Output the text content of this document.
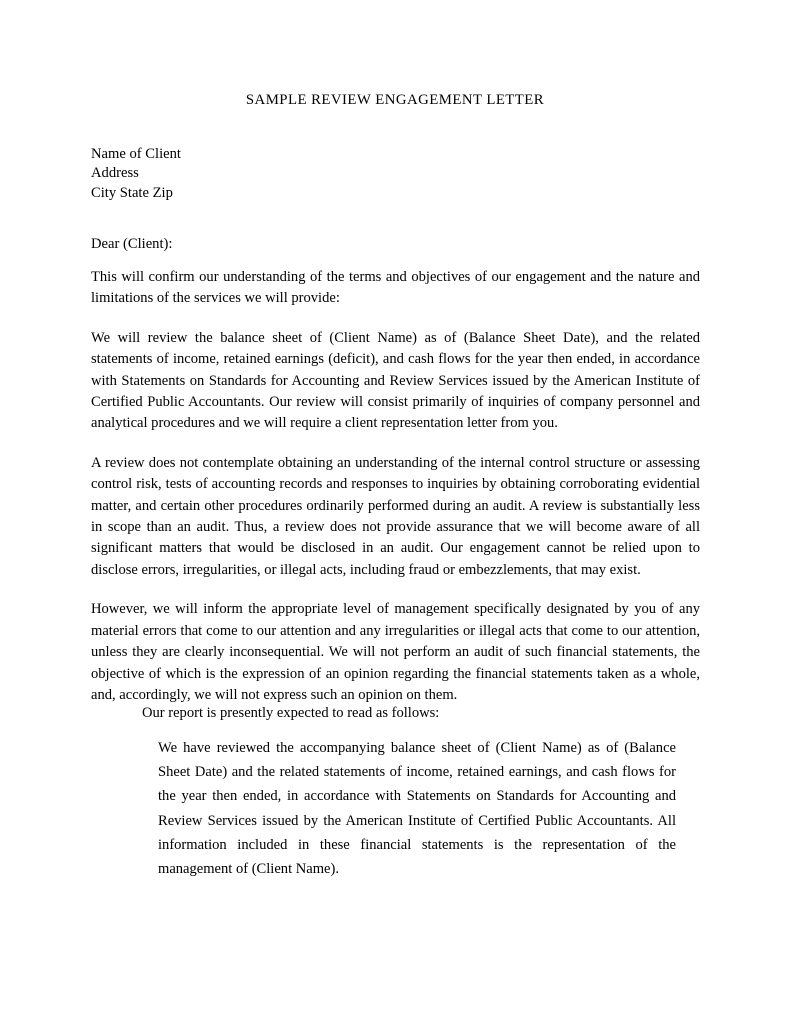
SAMPLE REVIEW ENGAGEMENT LETTER
Name of Client
Address
City State Zip
Dear (Client):

This will confirm our understanding of the terms and objectives of our engagement and the nature and limitations of the services we will provide:

We will review the balance sheet of (Client Name) as of (Balance Sheet Date), and the related statements of income, retained earnings (deficit), and cash flows for the year then ended, in accordance with Statements on Standards for Accounting and Review Services issued by the American Institute of Certified Public Accountants. Our review will consist primarily of inquiries of company personnel and analytical procedures and we will require a client representation letter from you.

A review does not contemplate obtaining an understanding of the internal control structure or assessing control risk, tests of accounting records and responses to inquiries by obtaining corroborating evidential matter, and certain other procedures ordinarily performed during an audit. A review is substantially less in scope than an audit. Thus, a review does not provide assurance that we will become aware of all significant matters that would be disclosed in an audit. Our engagement cannot be relied upon to disclose errors, irregularities, or illegal acts, including fraud or embezzlements, that may exist.

However, we will inform the appropriate level of management specifically designated by you of any material errors that come to our attention and any irregularities or illegal acts that come to our attention, unless they are clearly inconsequential. We will not perform an audit of such financial statements, the objective of which is the expression of an opinion regarding the financial statements taken as a whole, and, accordingly, we will not express such an opinion on them.

Our report is presently expected to read as follows:
We have reviewed the accompanying balance sheet of (Client Name) as of (Balance Sheet Date) and the related statements of income, retained earnings, and cash flows for the year then ended, in accordance with Statements on Standards for Accounting and Review Services issued by the American Institute of Certified Public Accountants. All information included in these financial statements is the representation of the management of (Client Name).
